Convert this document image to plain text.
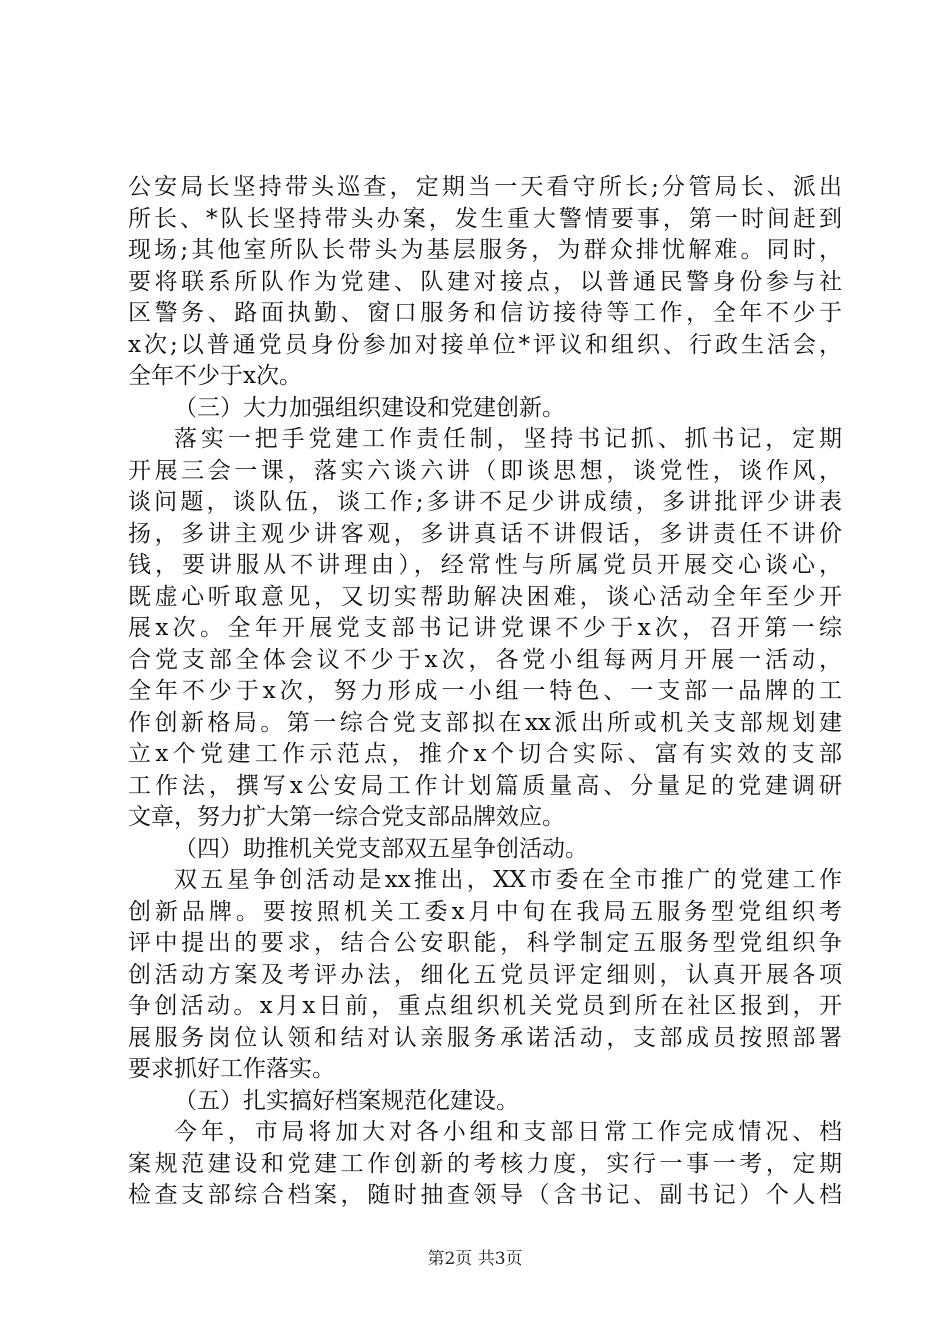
公安局长坚持带头巡查，定期当一天看守所长;分管局长、派出
所长、*队长坚持带头办案，发生重大警情要事，第一时间赶到
现场;其他室所队长带头为基层服务，为群众排忧解难。同时，
要将联系所队作为党建、队建对接点，以普通民警身份参与社
区警务、路面执勤、窗口服务和信访接待等工作，全年不少于
x次;以普通党员身份参加对接单位*评议和组织、行政生活会，
全年不少于x次。
（三）大力加强组织建设和党建创新。
落实一把手党建工作责任制，坚持书记抓、抓书记，定期
开展三会一课，落实六谈六讲（即谈思想，谈党性，谈作风，
谈问题，谈队伍，谈工作;多讲不足少讲成绩，多讲批评少讲表
扬，多讲主观少讲客观，多讲真话不讲假话，多讲责任不讲价
钱，要讲服从不讲理由），经常性与所属党员开展交心谈心，
既虚心听取意见，又切实帮助解决困难，谈心活动全年至少开
展x次。全年开展党支部书记讲党课不少于x次，召开第一综
合党支部全体会议不少于x次，各党小组每两月开展一活动，
全年不少于x次，努力形成一小组一特色、一支部一品牌的工
作创新格局。第一综合党支部拟在xx派出所或机关支部规划建
立x个党建工作示范点，推介x个切合实际、富有实效的支部
工作法，撰写x公安局工作计划篇质量高、分量足的党建调研
文章，努力扩大第一综合党支部品牌效应。
（四）助推机关党支部双五星争创活动。
双五星争创活动是xx推出，XX市委在全市推广的党建工作
创新品牌。要按照机关工委x月中旬在我局五服务型党组织考
评中提出的要求，结合公安职能，科学制定五服务型党组织争
创活动方案及考评办法，细化五党员评定细则，认真开展各项
争创活动。x月x日前，重点组织机关党员到所在社区报到，开
展服务岗位认领和结对认亲服务承诺活动，支部成员按照部署
要求抓好工作落实。
（五）扎实搞好档案规范化建设。
今年，市局将加大对各小组和支部日常工作完成情况、档
案规范建设和党建工作创新的考核力度，实行一事一考，定期
检查支部综合档案，随时抽查领导（含书记、副书记）个人档
第2页 共3页
